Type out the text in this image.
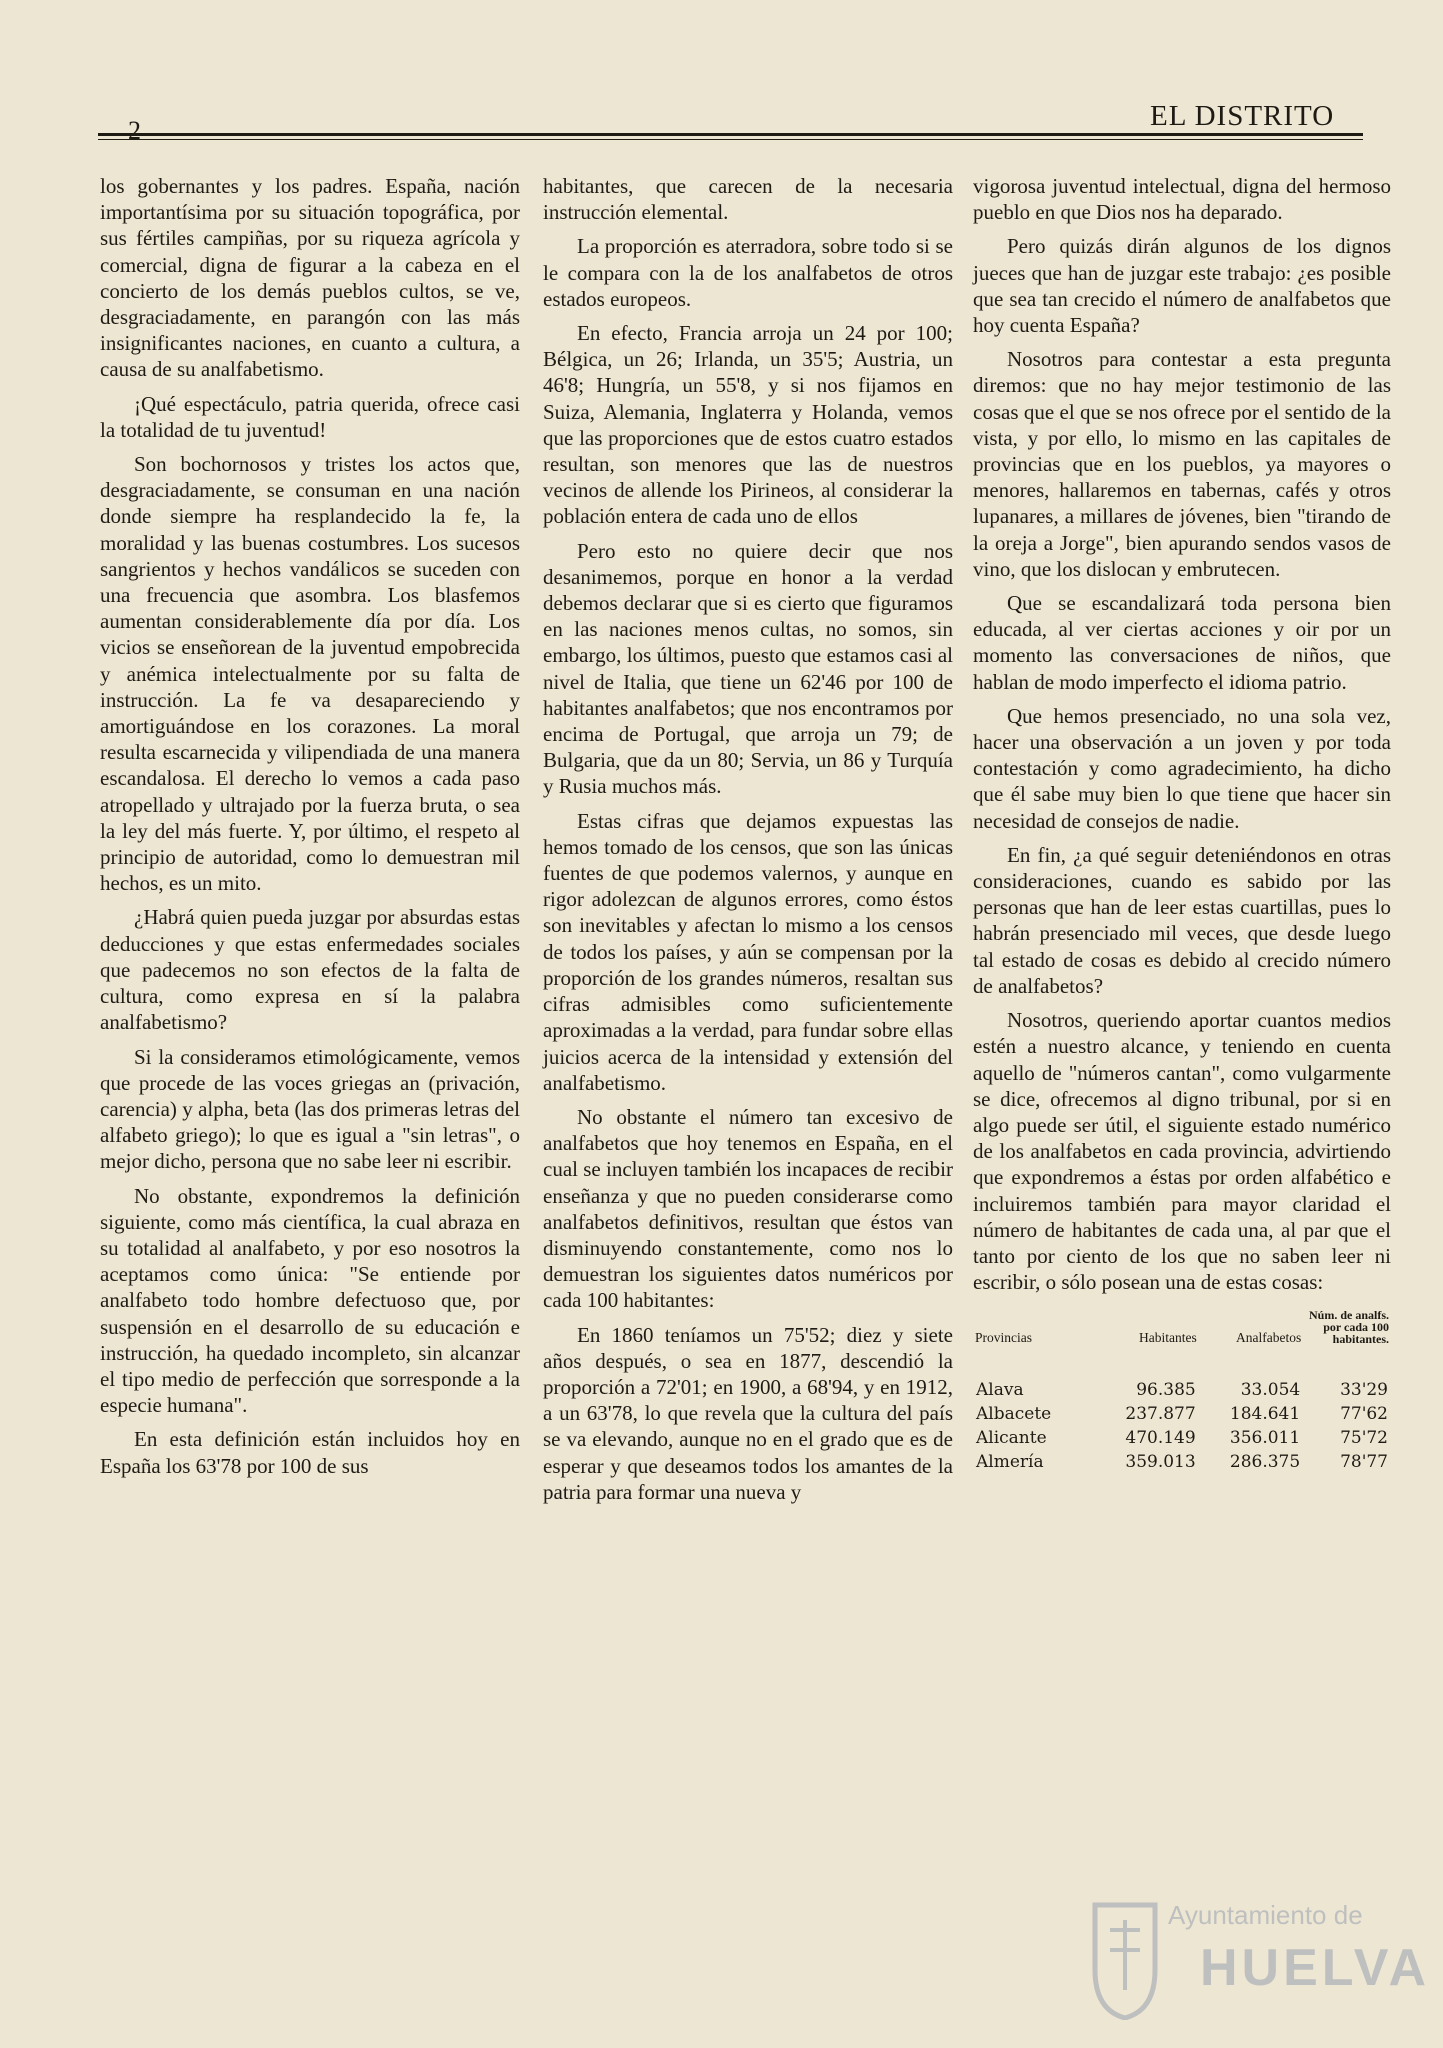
2	EL DISTRITO

los gobernantes y los padres. España, nación importantísima por su situación topográfica, por sus fértiles campiñas, por su riqueza agrícola y comercial, digna de figurar a la cabeza en el concierto de los demás pueblos cultos, se ve, desgraciadamente, en parangón con las más insignificantes naciones, en cuanto a cultura, a causa de su analfabetismo.

¡Qué espectáculo, patria querida, ofrece casi la totalidad de tu juventud!

Son bochornosos y tristes los actos que, desgraciadamente, se consuman en una nación donde siempre ha resplandecido la fe, la moralidad y las buenas costumbres. Los sucesos sangrientos y hechos vandálicos se suceden con una frecuencia que asombra. Los blasfemos aumentan considerablemente día por día. Los vicios se enseñorean de la juventud empobrecida y anémica intelectualmente por su falta de instrucción. La fe va desapareciendo y amortiguándose en los corazones. La moral resulta escarnecida y vilipendiada de una manera escandalosa. El derecho lo vemos a cada paso atropellado y ultrajado por la fuerza bruta, o sea la ley del más fuerte. Y, por último, el respeto al principio de autoridad, como lo demuestran mil hechos, es un mito.

¿Habrá quien pueda juzgar por absurdas estas deducciones y que estas enfermedades sociales que padecemos no son efectos de la falta de cultura, como expresa en sí la palabra analfabetismo?

Si la consideramos etimológicamente, vemos que procede de las voces griegas an (privación, carencia) y alpha, beta (las dos primeras letras del alfabeto griego); lo que es igual a "sin letras", o mejor dicho, persona que no sabe leer ni escribir.

No obstante, expondremos la definición siguiente, como más científica, la cual abraza en su totalidad al analfabeto, y por eso nosotros la aceptamos como única: "Se entiende por analfabeto todo hombre defectuoso que, por suspensión en el desarrollo de su educación e instrucción, ha quedado incompleto, sin alcanzar el tipo medio de perfección que sorresponde a la especie humana".

En esta definición están incluidos hoy en España los 63'78 por 100 de sus

habitantes, que carecen de la necesaria instrucción elemental.

La proporción es aterradora, sobre todo si se le compara con la de los analfabetos de otros estados europeos.

En efecto, Francia arroja un 24 por 100; Bélgica, un 26; Irlanda, un 35'5; Austria, un 46'8; Hungría, un 55'8, y si nos fijamos en Suiza, Alemania, Inglaterra y Holanda, vemos que las proporciones que de estos cuatro estados resultan, son menores que las de nuestros vecinos de allende los Pirineos, al considerar la población entera de cada uno de ellos

Pero esto no quiere decir que nos desanimemos, porque en honor a la verdad debemos declarar que si es cierto que figuramos en las naciones menos cultas, no somos, sin embargo, los últimos, puesto que estamos casi al nivel de Italia, que tiene un 62'46 por 100 de habitantes analfabetos; que nos encontramos por encima de Portugal, que arroja un 79; de Bulgaria, que da un 80; Servia, un 86 y Turquía y Rusia muchos más.

Estas cifras que dejamos expuestas las hemos tomado de los censos, que son las únicas fuentes de que podemos valernos, y aunque en rigor adolezcan de algunos errores, como éstos son inevitables y afectan lo mismo a los censos de todos los países, y aún se compensan por la proporción de los grandes números, resaltan sus cifras admisibles como suficientemente aproximadas a la verdad, para fundar sobre ellas juicios acerca de la intensidad y extensión del analfabetismo.

No obstante el número tan excesivo de analfabetos que hoy tenemos en España, en el cual se incluyen también los incapaces de recibir enseñanza y que no pueden considerarse como analfabetos definitivos, resultan que éstos van disminuyendo constantemente, como nos lo demuestran los siguientes datos numéricos por cada 100 habitantes:

En 1860 teníamos un 75'52; diez y siete años después, o sea en 1877, descendió la proporción a 72'01; en 1900, a 68'94, y en 1912, a un 63'78, lo que revela que la cultura del país se va elevando, aunque no en el grado que es de esperar y que deseamos todos los amantes de la patria para formar una nueva y

vigorosa juventud intelectual, digna del hermoso pueblo en que Dios nos ha deparado.

Pero quizás dirán algunos de los dignos jueces que han de juzgar este trabajo: ¿es posible que sea tan crecido el número de analfabetos que hoy cuenta España?

Nosotros para contestar a esta pregunta diremos: que no hay mejor testimonio de las cosas que el que se nos ofrece por el sentido de la vista, y por ello, lo mismo en las capitales de provincias que en los pueblos, ya mayores o menores, hallaremos en tabernas, cafés y otros lupanares, a millares de jóvenes, bien "tirando de la oreja a Jorge", bien apurando sendos vasos de vino, que los dislocan y embrutecen.

Que se escandalizará toda persona bien educada, al ver ciertas acciones y oir por un momento las conversaciones de niños, que hablan de modo imperfecto el idioma patrio.

Que hemos presenciado, no una sola vez, hacer una observación a un joven y por toda contestación y como agradecimiento, ha dicho que él sabe muy bien lo que tiene que hacer sin necesidad de consejos de nadie.

En fin, ¿a qué seguir deteniéndonos en otras consideraciones, cuando es sabido por las personas que han de leer estas cuartillas, pues lo habrán presenciado mil veces, que desde luego tal estado de cosas es debido al crecido número de analfabetos?

Nosotros, queriendo aportar cuantos medios estén a nuestro alcance, y teniendo en cuenta aquello de "números cantan", como vulgarmente se dice, ofrecemos al digno tribunal, por si en algo puede ser útil, el siguiente estado numérico de los analfabetos en cada provincia, advirtiendo que expondremos a éstas por orden alfabético e incluiremos también para mayor claridad el número de habitantes de cada una, al par que el tanto por ciento de los que no saben leer ni escribir, o sólo posean una de estas cosas:

Provincias	Habitantes	Analfabetos	Núm. de analfs. por cada 100 habitantes.
Alava	96.385	33.054	33'29
Albacete	237.877	184.641	77'62
Alicante	470.149	356.011	75'72
Almería	359.013	286.375	78'77
Ayuntamiento de
HUELVA
